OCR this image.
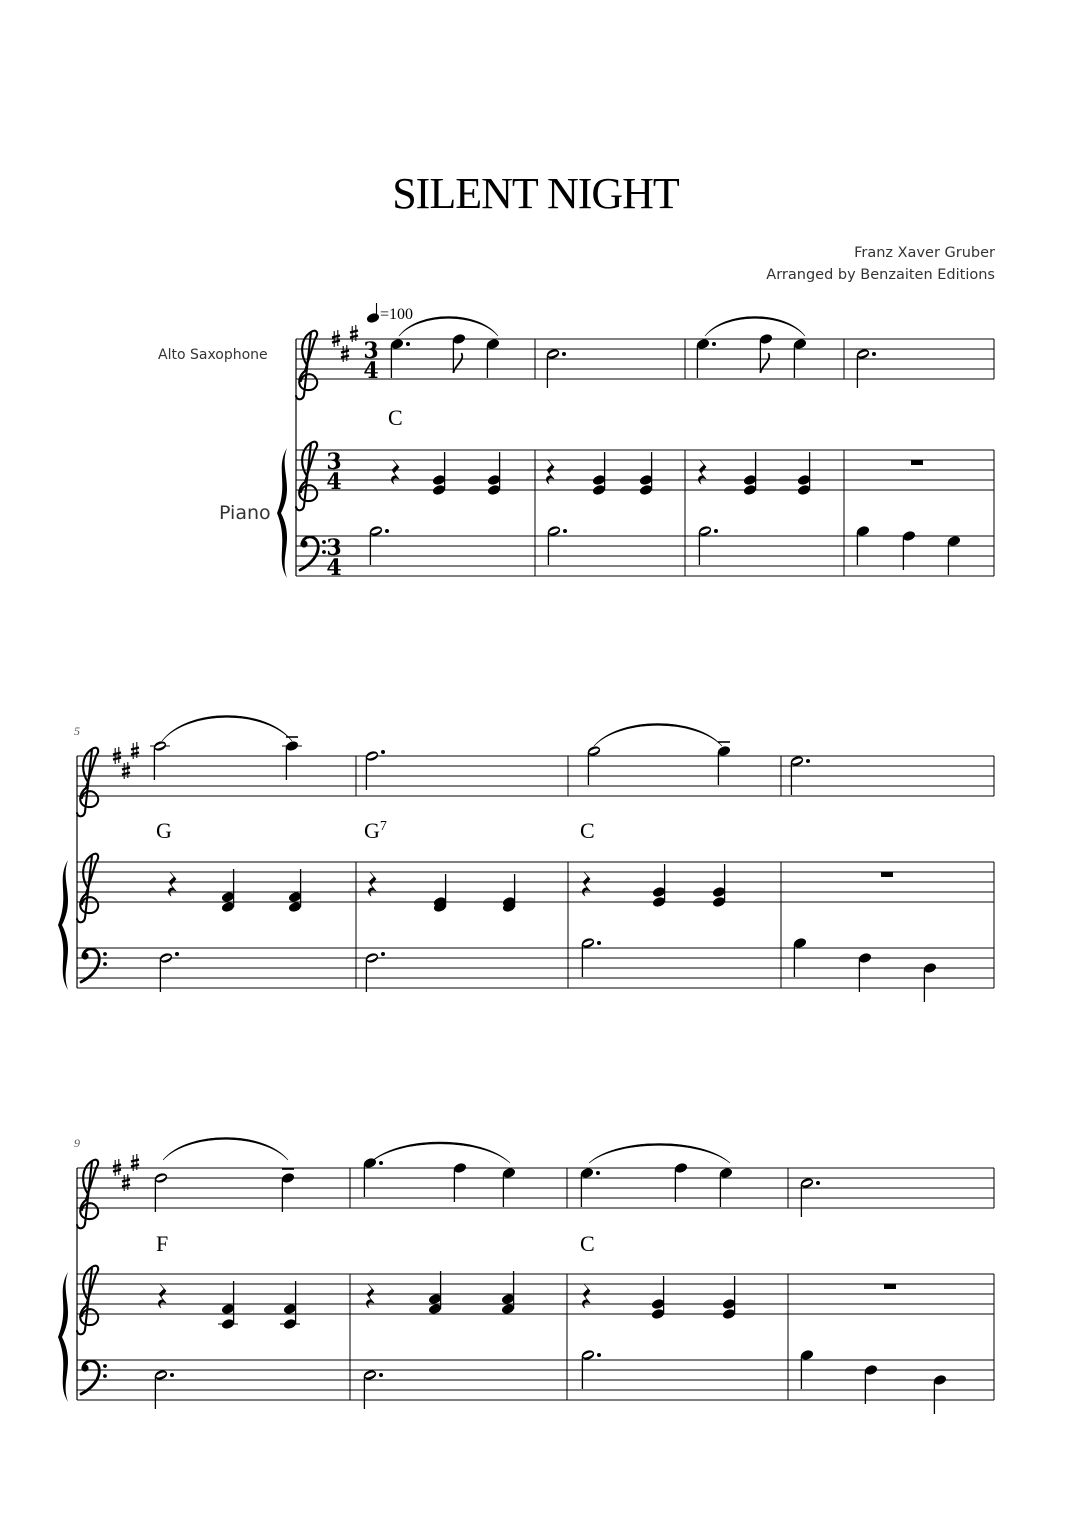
SILENT NIGHT
Franz Xaver Gruber
Arranged by Benzaiten Editions
5
9
3
4
3
4
3
4
Alto Saxophone
Piano
=100
C
G	$G^7$	C
F	C
